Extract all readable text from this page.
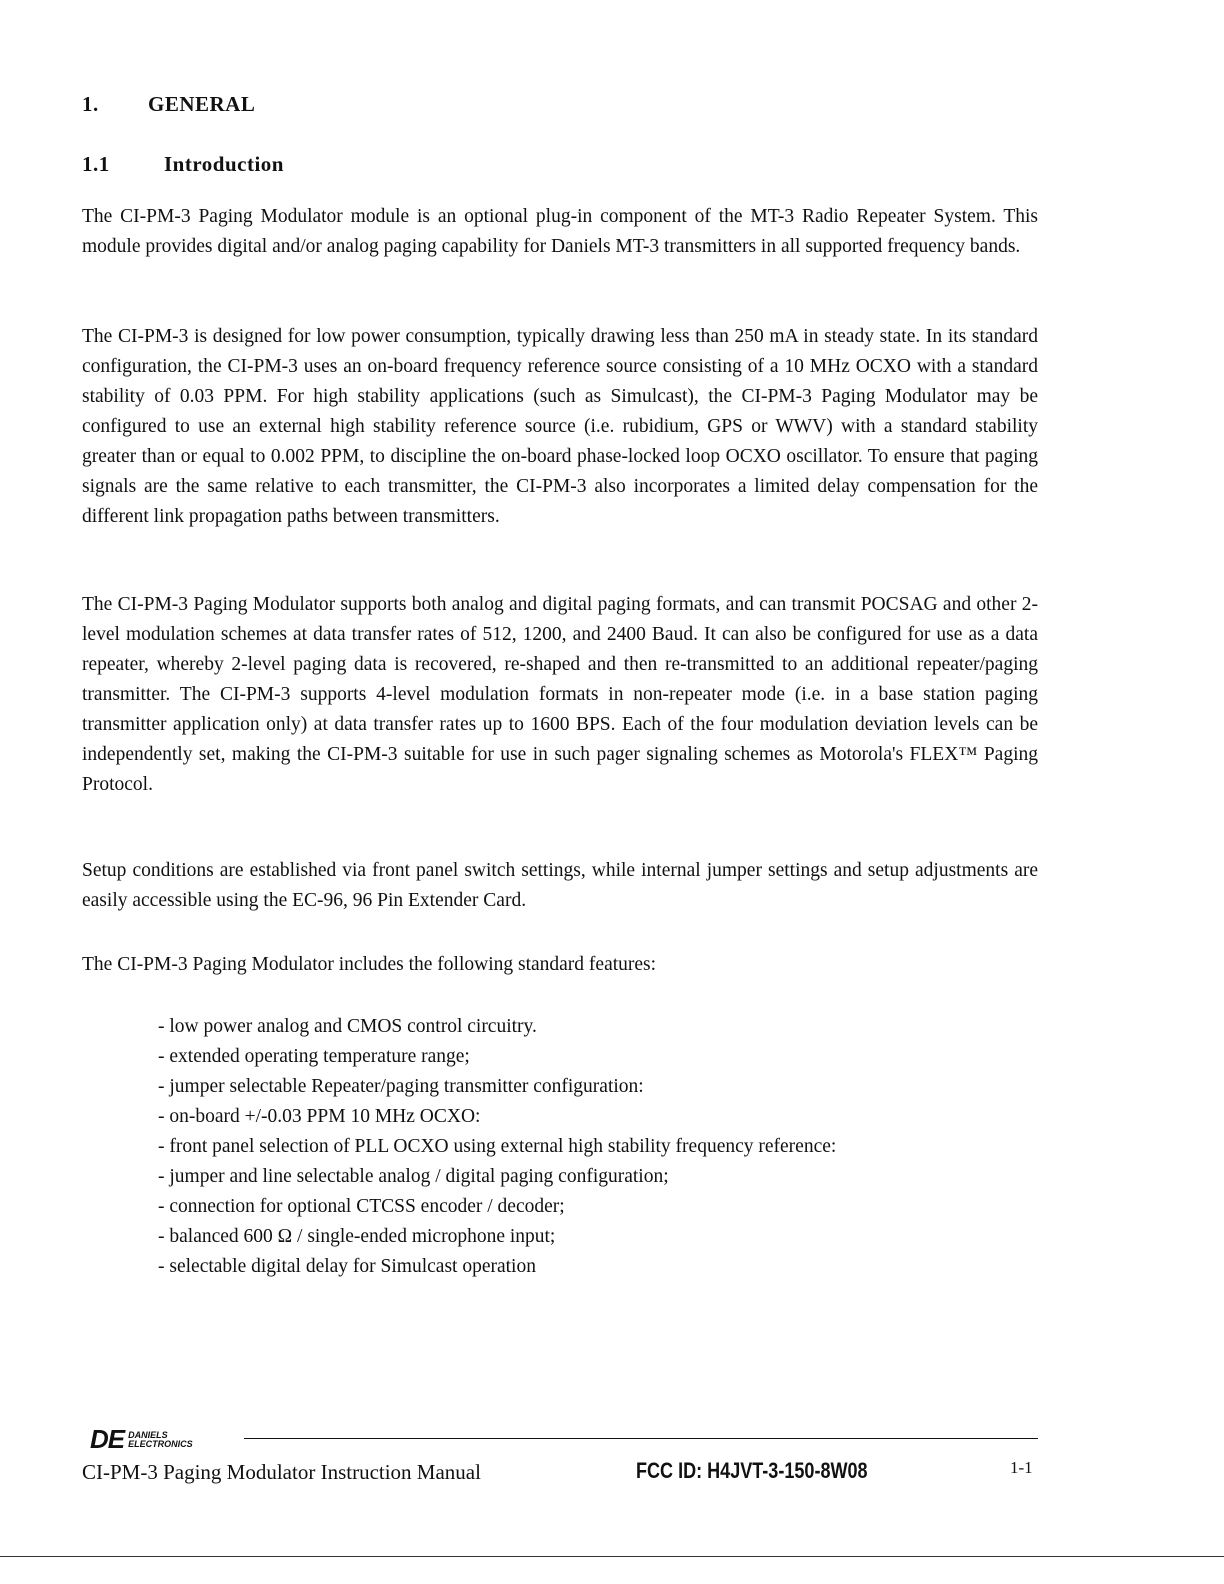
1. GENERAL
1.1	Introduction

The CI-PM-3 Paging Modulator module is an optional plug-in component of the MT-3 Radio Repeater System. This module provides digital and/or analog paging capability for Daniels MT-3 transmitters in all supported frequency bands.

The CI-PM-3 is designed for low power consumption, typically drawing less than 250 mA in steady state. In its standard configuration, the CI-PM-3 uses an on-board frequency reference source consisting of a 10 MHz OCXO with a standard stability of 0.03 PPM. For high stability applications (such as Simulcast), the CI-PM-3 Paging Modulator may be configured to use an external high stability reference source (i.e. rubidium, GPS or WWV) with a standard stability greater than or equal to 0.002 PPM, to discipline the on-board phase-locked loop OCXO oscillator. To ensure that paging signals are the same relative to each transmitter, the CI-PM-3 also incorporates a limited delay compensation for the different link propagation paths between transmitters.

The CI-PM-3 Paging Modulator supports both analog and digital paging formats, and can transmit POCSAG and other 2-level modulation schemes at data transfer rates of 512, 1200, and 2400 Baud. It can also be configured for use as a data repeater, whereby 2-level paging data is recovered, re-shaped and then re-transmitted to an additional repeater/paging transmitter. The CI-PM-3 supports 4-level modulation formats in non-repeater mode (i.e. in a base station paging transmitter application only) at data transfer rates up to 1600 BPS. Each of the four modulation deviation levels can be independently set, making the CI-PM-3 suitable for use in such pager signaling schemes as Motorola's FLEX™ Paging Protocol.

Setup conditions are established via front panel switch settings, while internal jumper settings and setup adjustments are easily accessible using the EC-96, 96 Pin Extender Card.

The CI-PM-3 Paging Modulator includes the following standard features:

- low power analog and CMOS control circuitry.
- extended operating temperature range;
- jumper selectable Repeater/paging transmitter configuration:
- on-board +/-0.03 PPM 10 MHz OCXO:
- front panel selection of PLL OCXO using external high stability frequency reference:
- jumper and line selectable analog / digital paging configuration;
- connection for optional CTCSS encoder / decoder;
- balanced 600 Ω / single-ended microphone input;
- selectable digital delay for Simulcast operation
DE DANIELS
ELECTRONICS
CI-PM-3 Paging Modulator Instruction Manual	FCC ID: H4JVT-3-150-8W08	1-1
